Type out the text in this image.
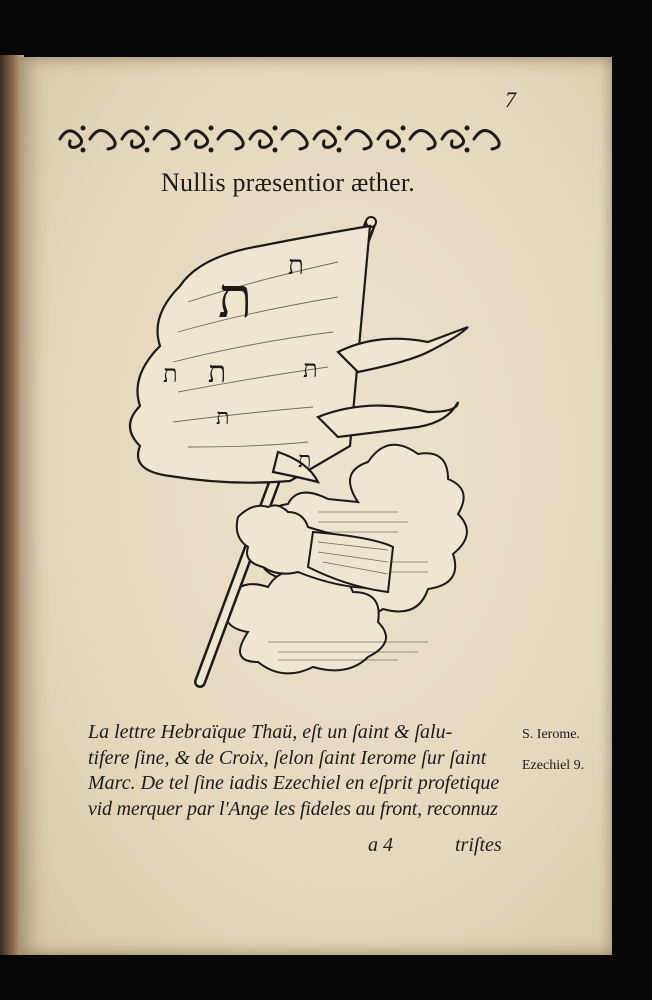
7
Nullis præsentior æther.
ת ת
ת ת	ת
ת
ת
La lettre Hebraïque Thaü, eſt un ſaint & ſalu-
tifere ſine, & de Croix, ſelon ſaint Ierome ſur ſaint
Marc. De tel ſine iadis Ezechiel en eſprit profetique
vid merquer par l'Ange les fideles au front, reconnuz
a 4	triſtes
S. Ierome.
Ezechiel 9.
